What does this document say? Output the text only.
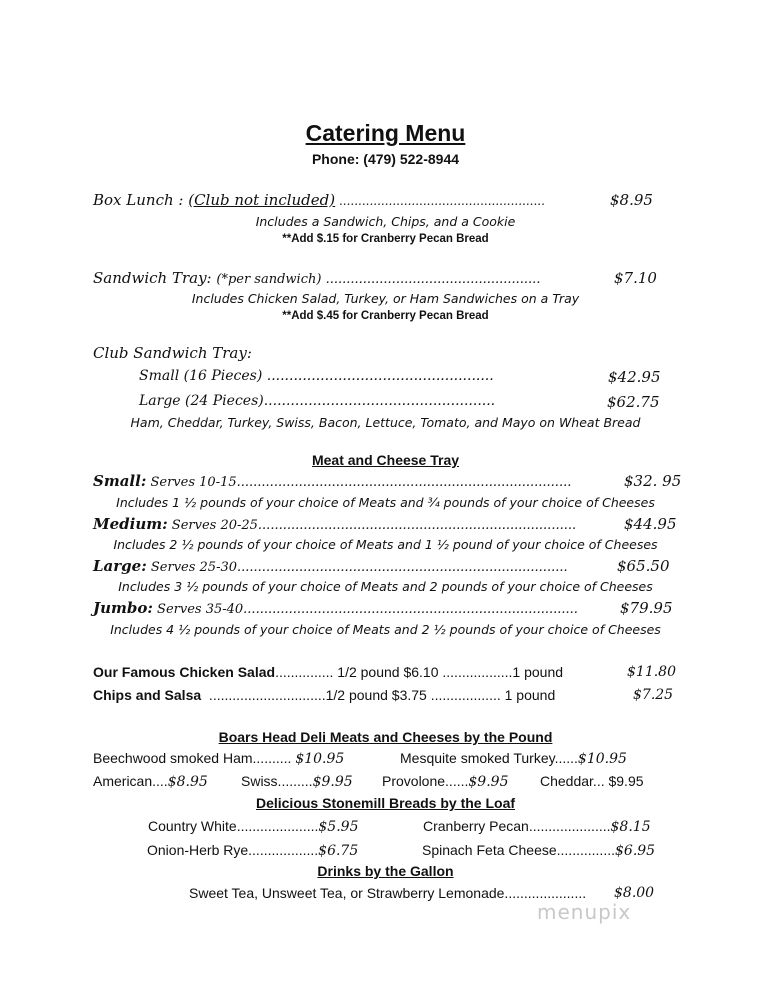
Catering Menu
Phone: (479) 522-8944
Box Lunch : (Club not included) ......................................................	$8.95
Includes a Sandwich, Chips, and a Cookie
**Add $.15 for Cranberry Pecan Bread
Sandwich Tray: (*per sandwich) ....................................................	$7.10
Includes Chicken Salad, Turkey, or Ham Sandwiches on a Tray
**Add $.45 for Cranberry Pecan Bread
Club Sandwich Tray:
Small (16 Pieces) ...................................................	$42.95
Large (24 Pieces)....................................................	$62.75
Ham, Cheddar, Turkey, Swiss, Bacon, Lettuce, Tomato, and Mayo on Wheat Bread
Meat and Cheese Tray
Small: Serves 10-15.................................................................................	$32. 95
Includes 1 ½ pounds of your choice of Meats and ¾ pounds of your choice of Cheeses
Medium: Serves 20-25.............................................................................	$44.95
Includes 2 ½ pounds of your choice of Meats and 1 ½ pound of your choice of Cheeses
Large: Serves 25-30................................................................................	$65.50
Includes 3 ½ pounds of your choice of Meats and 2 pounds of your choice of Cheeses
Jumbo: Serves 35-40.................................................................................	$79.95
Includes 4 ½ pounds of your choice of Meats and 2 ½ pounds of your choice of Cheeses
Our Famous Chicken Salad............... 1/2 pound $6.10 ..................1 pound	$11.80
Chips and Salsa  ..............................1/2 pound $3.75 .................. 1 pound	$7.25
Boars Head Deli Meats and Cheeses by the Pound
Beechwood smoked Ham.......... $10.95	Mesquite smoked Turkey......$10.95
American....$8.95 Swiss.........$9.95 Provolone......$9.95 Cheddar... $9.95
Delicious Stonemill Breads by the Loaf
Country White.....................$5.95	Cranberry Pecan.....................$8.15
Onion-Herb Rye..................$6.75	Spinach Feta Cheese...............$6.95
Drinks by the Gallon
Sweet Tea, Unsweet Tea, or Strawberry Lemonade..................... $8.00
menupix
